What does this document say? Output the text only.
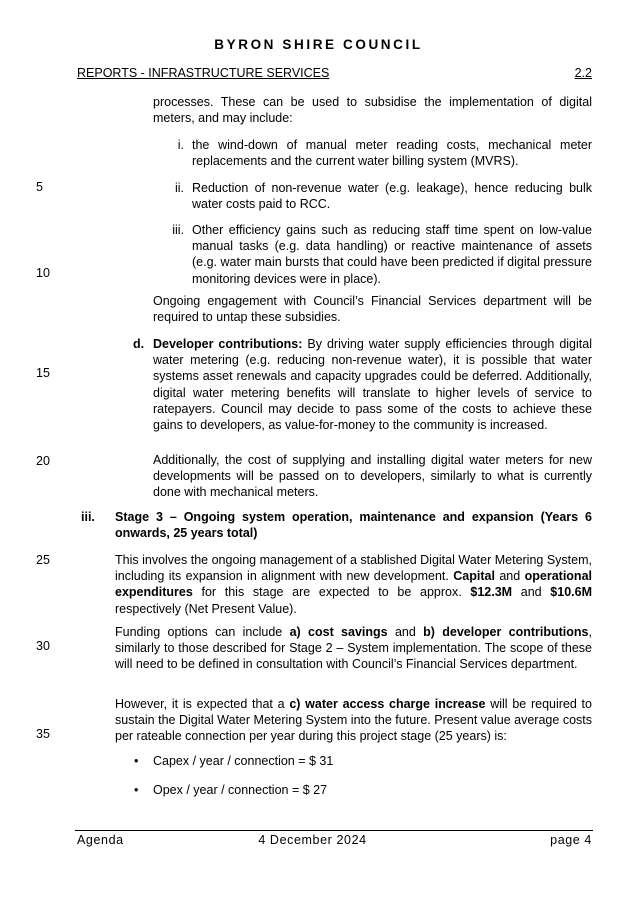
BYRON SHIRE COUNCIL
REPORTS - INFRASTRUCTURE SERVICES	2.2
5
10
15
20
25
30
35
processes. These can be used to subsidise the implementation of digital meters, and may include:
i. the wind-down of manual meter reading costs, mechanical meter replacements and the current water billing system (MVRS).
ii. Reduction of non-revenue water (e.g. leakage), hence reducing bulk water costs paid to RCC.
iii. Other efficiency gains such as reducing staff time spent on low-value manual tasks (e.g. data handling) or reactive maintenance of assets (e.g. water main bursts that could have been predicted if digital pressure monitoring devices were in place).
Ongoing engagement with Council’s Financial Services department will be required to untap these subsidies.
d. Developer contributions: By driving water supply efficiencies through digital water metering (e.g. reducing non-revenue water), it is possible that water systems asset renewals and capacity upgrades could be deferred. Additionally, digital water metering benefits will translate to higher levels of service to ratepayers. Council may decide to pass some of the costs to achieve these gains to developers, as value-for-money to the community is increased.
Additionally, the cost of supplying and installing digital water meters for new developments will be passed on to developers, similarly to what is currently done with mechanical meters.
iii.	Stage 3 – Ongoing system operation, maintenance and expansion (Years 6 onwards, 25 years total)
This involves the ongoing management of a stablished Digital Water Metering System, including its expansion in alignment with new development. Capital and operational expenditures for this stage are expected to be approx. $12.3M and $10.6M respectively (Net Present Value).
Funding options can include a) cost savings and b) developer contributions, similarly to those described for Stage 2 – System implementation. The scope of these will need to be defined in consultation with Council’s Financial Services department.
However, it is expected that a c) water access charge increase will be required to sustain the Digital Water Metering System into the future. Present value average costs per rateable connection per year during this project stage (25 years) is:
• Capex / year / connection = $ 31
• Opex / year / connection = $ 27
Agenda	4 December 2024	page 4
